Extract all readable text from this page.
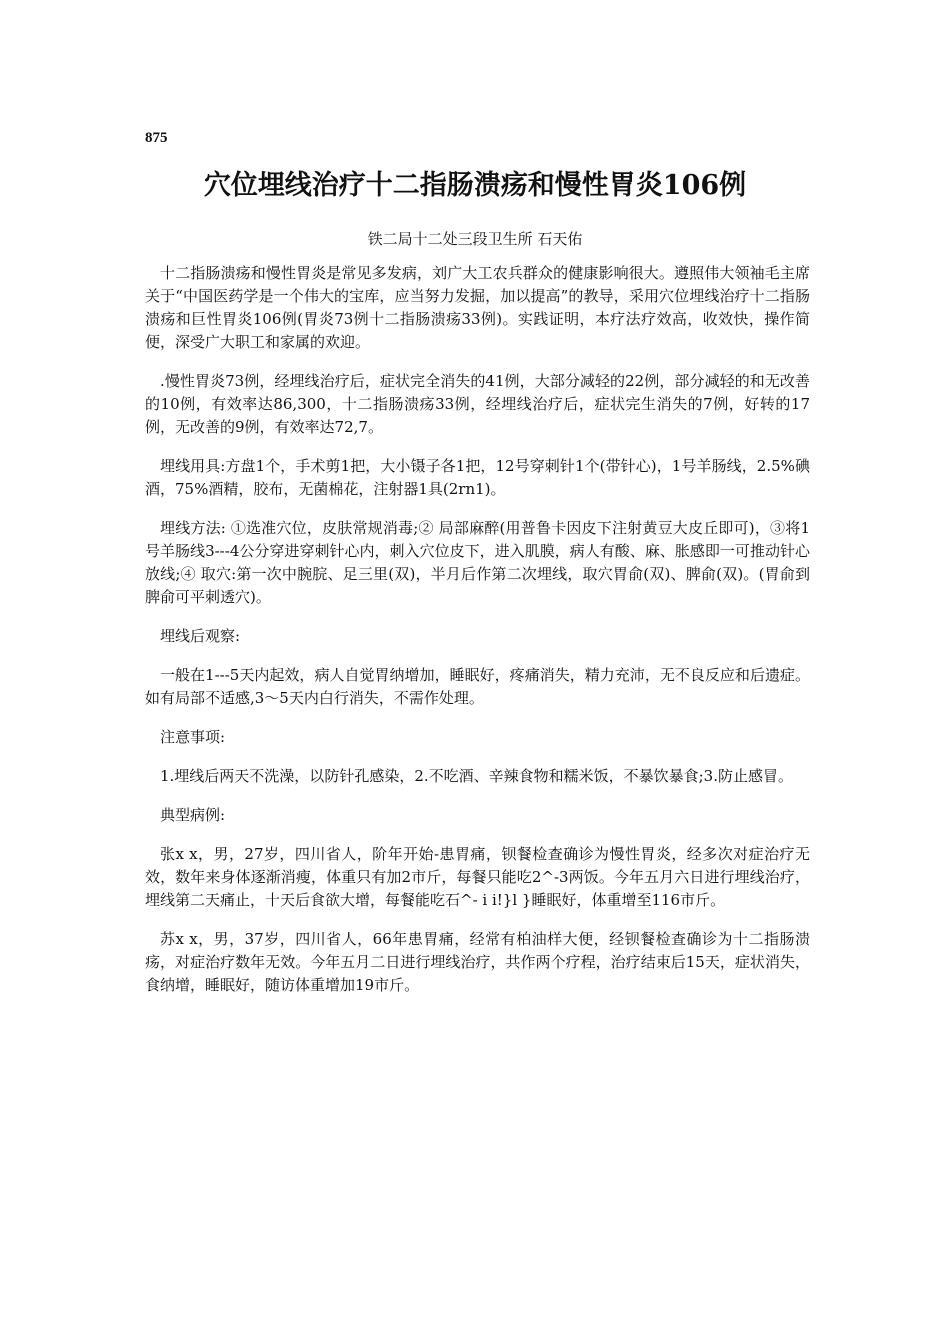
875
穴位埋线治疗十二指肠溃疡和慢性胃炎106例
铁二局十二处三段卫生所 石天佑

十二指肠溃疡和慢性胃炎是常见多发病，刘广大工农兵群众的健康影响很大。遵照伟大领袖毛主席关于“中国医药学是一个伟大的宝库，应当努力发掘，加以提高”的教导，采用穴位埋线治疗十二指肠溃疡和巨性胃炎106例(胃炎73例十二指肠溃疡33例)。实践证明，本疗法疗效高，收效快，操作简便，深受广大职工和家属的欢迎。

.慢性胃炎73例，经埋线治疗后，症状完全消失的41例，大部分减轻的22例，部分减轻的和无改善的10例，有效率达86,300，十二指肠溃疡33例，经埋线治疗后，症状完生消失的7例，好转的17例，无改善的9例，有效率达72,7。

埋线用具:方盘1个，手术剪1把，大小镊子各1把，12号穿刺针1个(带针心)，1号羊肠线，2.5%碘酒，75%酒精，胶布，无菌棉花，注射器1具(2rn1)。

埋线方法: ①选准穴位，皮肤常规消毒;② 局部麻醉(用普鲁卡因皮下注射黄豆大皮丘即可)，③将1号羊肠线3---4公分穿进穿刺针心内，刺入穴位皮下，进入肌膜，病人有酸、麻、胀感即一可推动针心放线;④ 取穴:第一次中腕脘、足三里(双)，半月后作第二次埋线，取穴胃俞(双)、脾俞(双)。(胃俞到脾俞可平刺透穴)。

埋线后观察:

一般在1---5天内起效，病人自觉胃纳增加，睡眠好，疼痛消失，精力充沛，无不良反应和后遗症。如有局部不适感,3～5天内白行消失，不需作处理。

注意事项:

1.埋线后两天不洗澡，以防针孔感染，2.不吃酒、辛辣食物和糯米饭，不暴饮暴食;3.防止感冒。

典型病例:

张x x，男，27岁，四川省人，阶年开始-患胃痛，钡餐检查确诊为慢性胃炎，经多次对症治疗无效，数年来身体逐渐消瘦，体重只有加2市斤，每餐只能吃2^-3两饭。今年五月六日进行埋线治疗，埋线第二天痛止，十天后食欲大增，每餐能吃石^- i i!}l }睡眠好，体重增至116市斤。

苏x x，男，37岁，四川省人，66年患胃痛，经常有柏油样大便，经钡餐检查确诊为十二指肠溃疡，对症治疗数年无效。今年五月二日进行埋线治疗，共作两个疗程，治疗结束后15天，症状消失，食纳增，睡眠好，随访体重增加19市斤。
